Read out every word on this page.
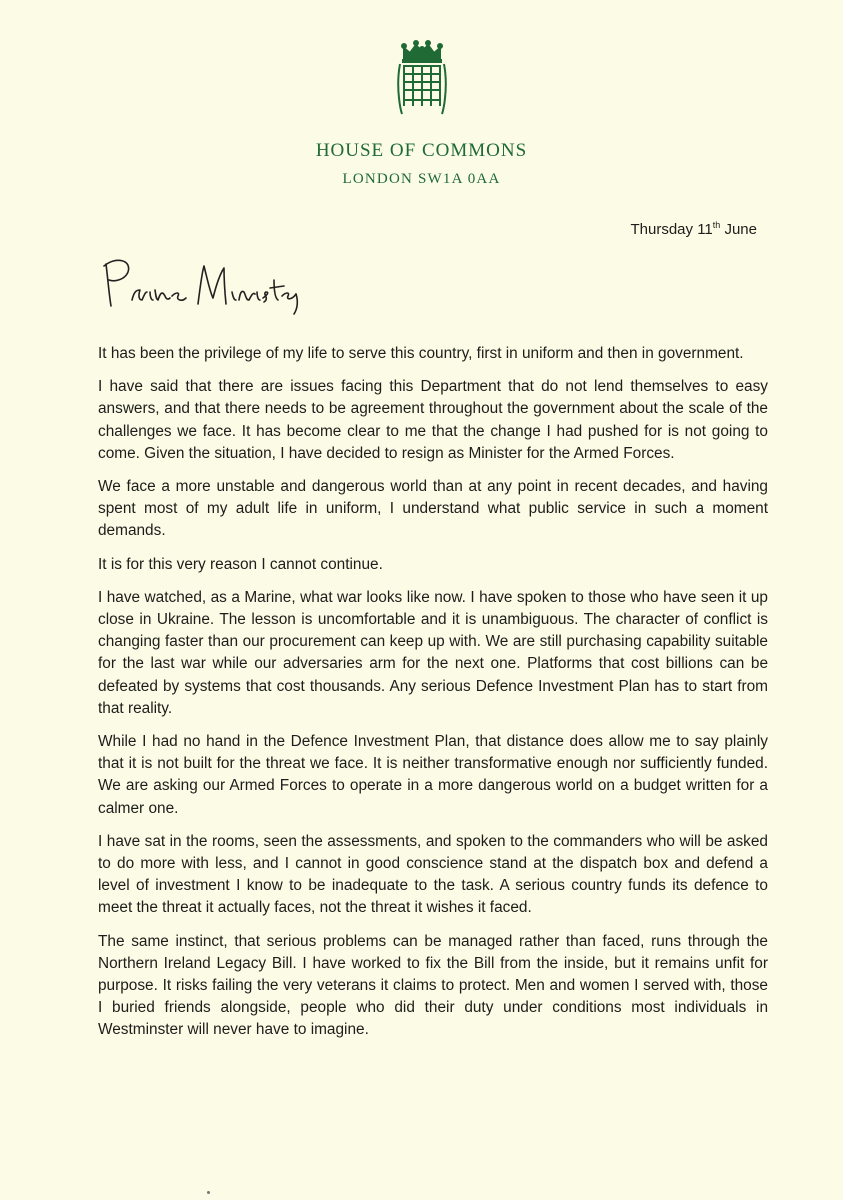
HOUSE OF COMMONS
LONDON SW1A 0AA
Thursday 11th June

It has been the privilege of my life to serve this country, first in uniform and then in government.

I have said that there are issues facing this Department that do not lend themselves to easy answers, and that there needs to be agreement throughout the government about the scale of the challenges we face. It has become clear to me that the change I had pushed for is not going to come. Given the situation, I have decided to resign as Minister for the Armed Forces.

We face a more unstable and dangerous world than at any point in recent decades, and having spent most of my adult life in uniform, I understand what public service in such a moment demands.

It is for this very reason I cannot continue.

I have watched, as a Marine, what war looks like now. I have spoken to those who have seen it up close in Ukraine. The lesson is uncomfortable and it is unambiguous. The character of conflict is changing faster than our procurement can keep up with. We are still purchasing capability suitable for the last war while our adversaries arm for the next one. Platforms that cost billions can be defeated by systems that cost thousands. Any serious Defence Investment Plan has to start from that reality.

While I had no hand in the Defence Investment Plan, that distance does allow me to say plainly that it is not built for the threat we face. It is neither transformative enough nor sufficiently funded. We are asking our Armed Forces to operate in a more dangerous world on a budget written for a calmer one.

I have sat in the rooms, seen the assessments, and spoken to the commanders who will be asked to do more with less, and I cannot in good conscience stand at the dispatch box and defend a level of investment I know to be inadequate to the task. A serious country funds its defence to meet the threat it actually faces, not the threat it wishes it faced.

The same instinct, that serious problems can be managed rather than faced, runs through the Northern Ireland Legacy Bill. I have worked to fix the Bill from the inside, but it remains unfit for purpose. It risks failing the very veterans it claims to protect. Men and women I served with, those I buried friends alongside, people who did their duty under conditions most individuals in Westminster will never have to imagine.
